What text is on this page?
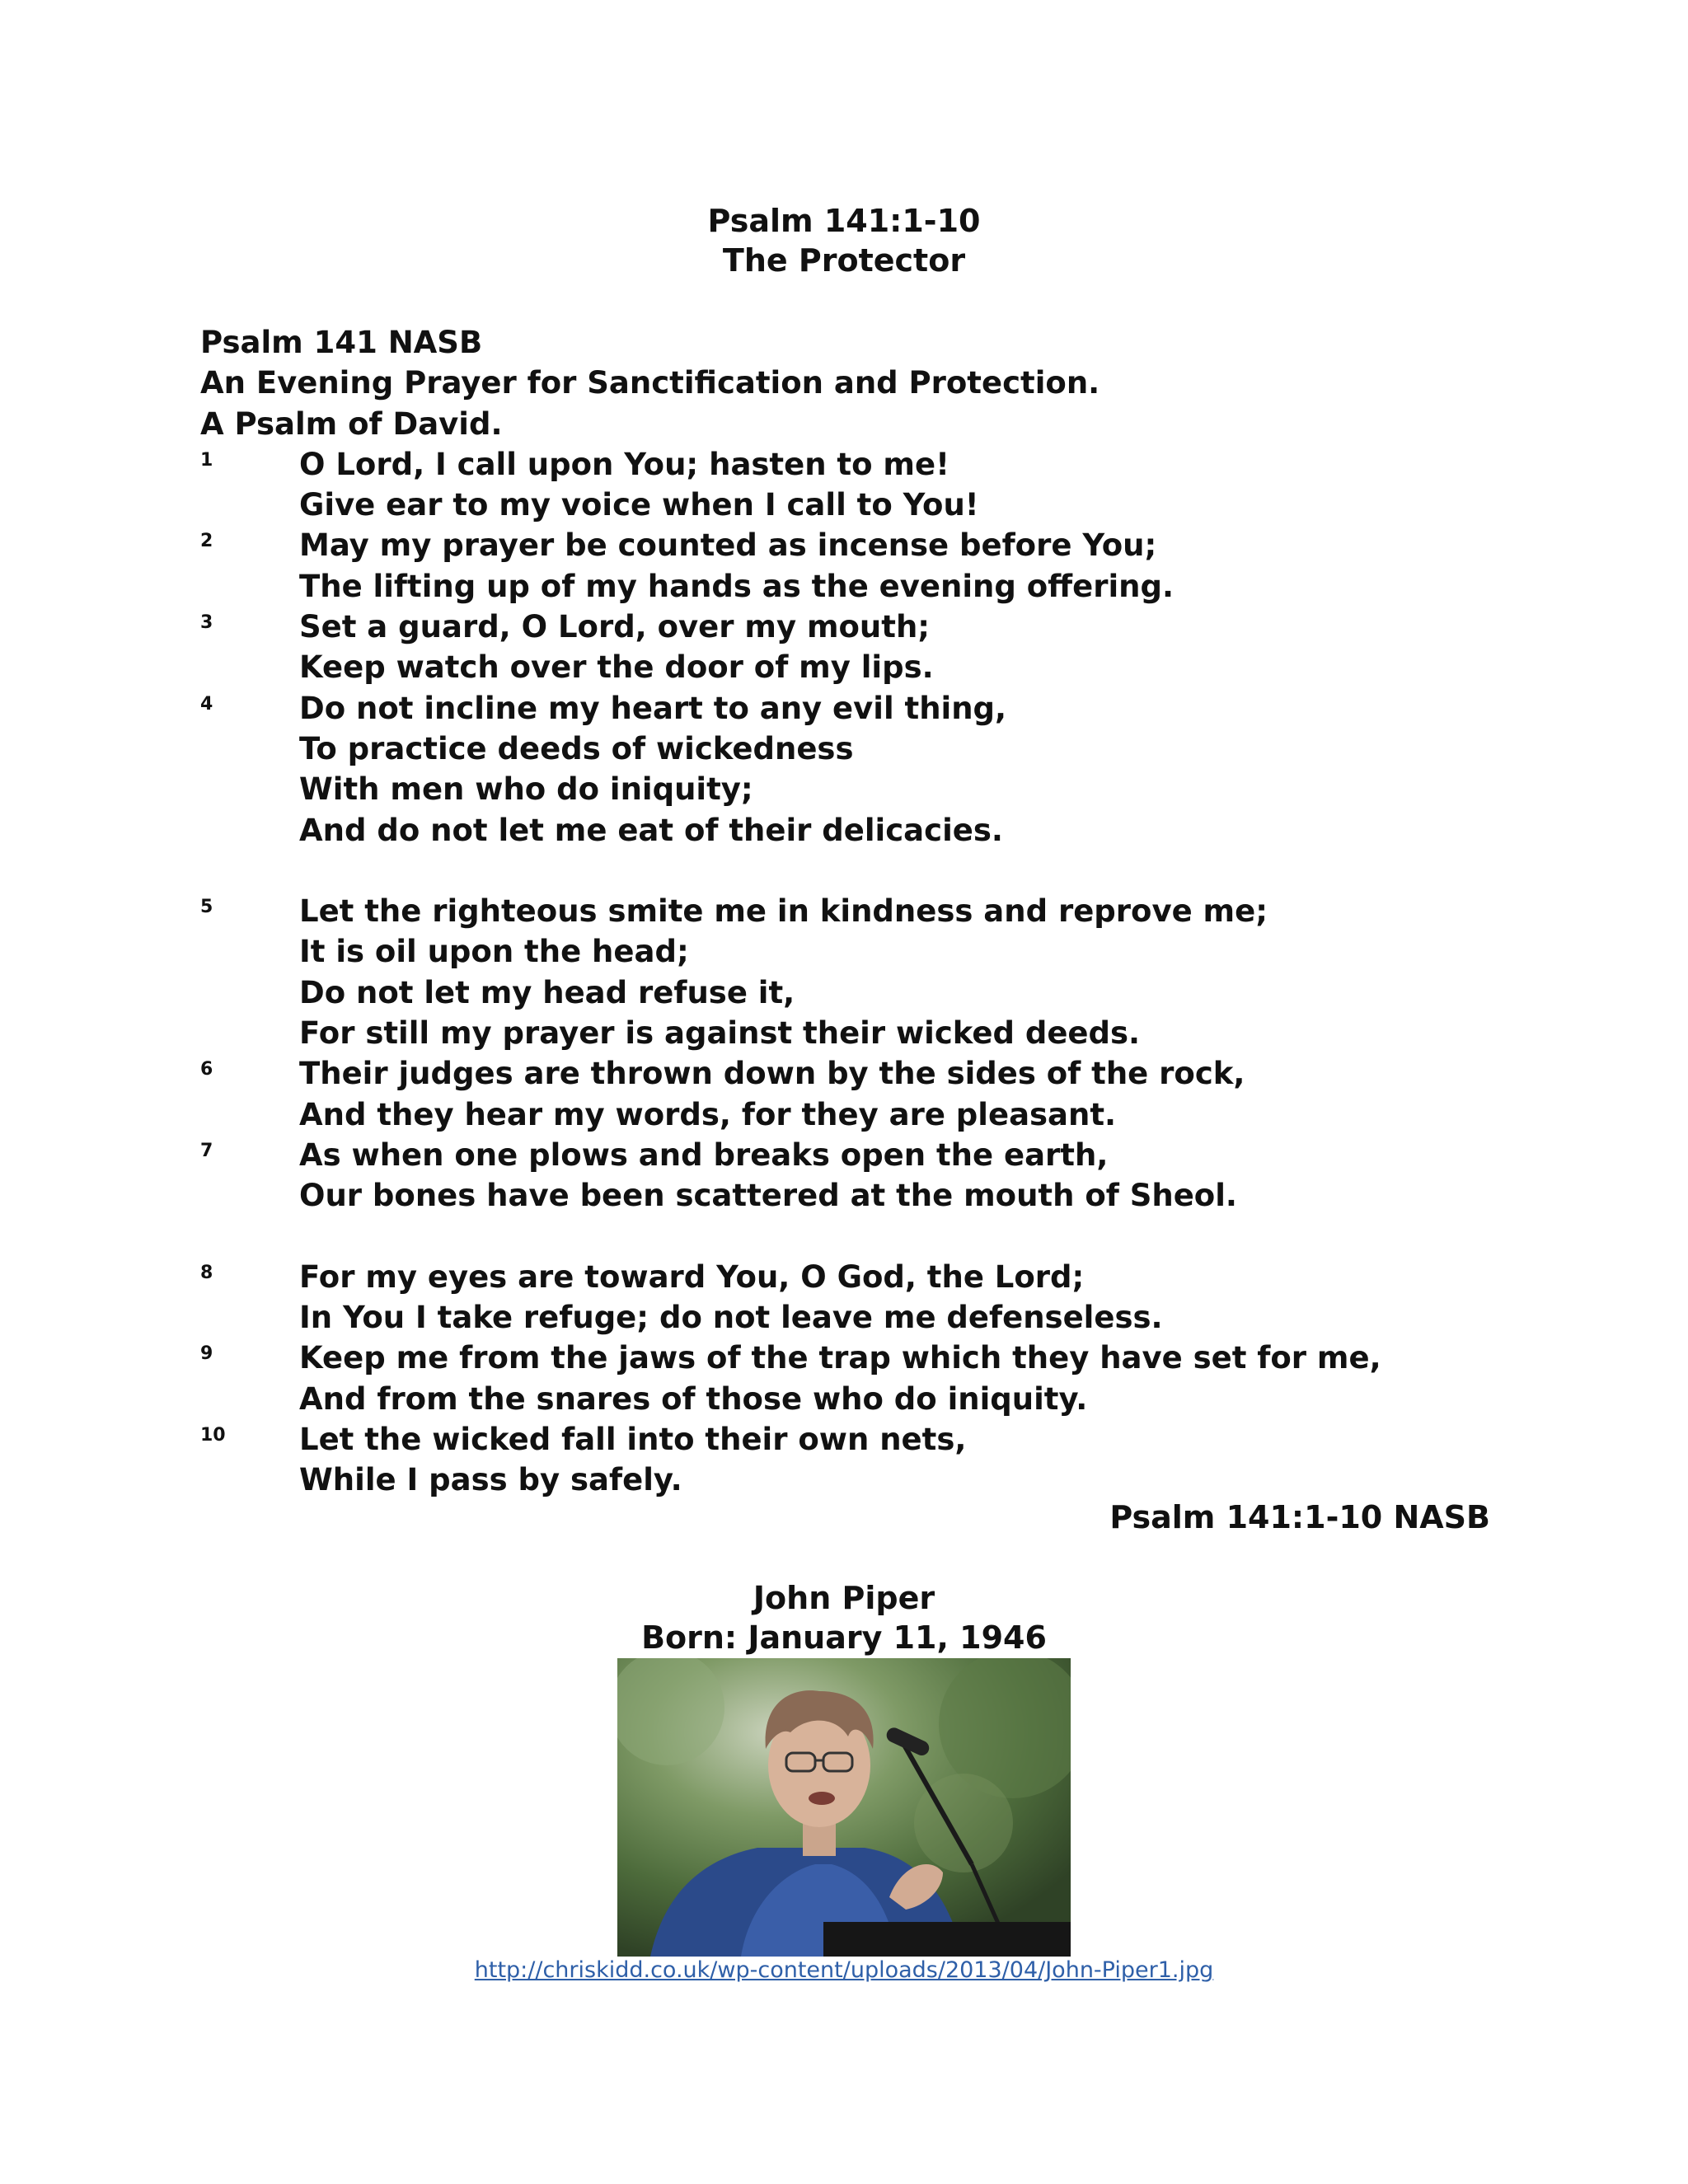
Psalm 141:1-10
The Protector
Psalm 141 NASB
An Evening Prayer for Sanctification and Protection.
A Psalm of David.
1	O Lord, I call upon You; hasten to me!
Give ear to my voice when I call to You!
2	May my prayer be counted as incense before You;
The lifting up of my hands as the evening offering.
3	Set a guard, O Lord, over my mouth;
Keep watch over the door of my lips.
4	Do not incline my heart to any evil thing,
To practice deeds of wickedness
With men who do iniquity;
And do not let me eat of their delicacies.
5	Let the righteous smite me in kindness and reprove me;
It is oil upon the head;
Do not let my head refuse it,
For still my prayer is against their wicked deeds.
6	Their judges are thrown down by the sides of the rock,
And they hear my words, for they are pleasant.
7	As when one plows and breaks open the earth,
Our bones have been scattered at the mouth of Sheol.
8	For my eyes are toward You, O God, the Lord;
In You I take refuge; do not leave me defenseless.
9	Keep me from the jaws of the trap which they have set for me,
And from the snares of those who do iniquity.
10 Let the wicked fall into their own nets,
While I pass by safely.
Psalm 141:1-10 NASB
John Piper
Born: January 11, 1946
http://chriskidd.co.uk/wp-content/uploads/2013/04/John-Piper1.jpg
